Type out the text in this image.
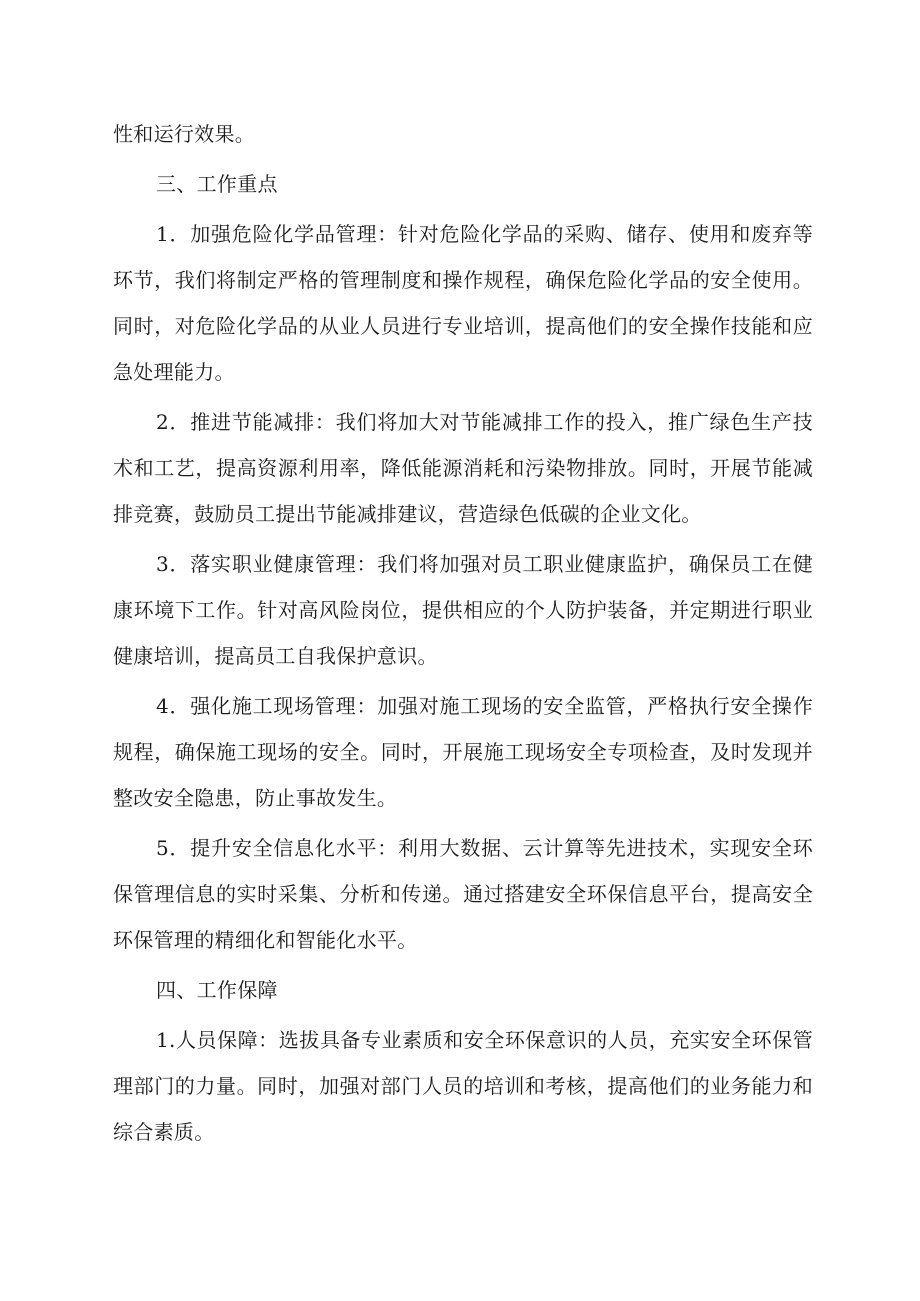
性和运行效果。

三、工作重点

1．加强危险化学品管理：针对危险化学品的采购、储存、使用和废弃等环节，我们将制定严格的管理制度和操作规程，确保危险化学品的安全使用。同时，对危险化学品的从业人员进行专业培训，提高他们的安全操作技能和应急处理能力。

2．推进节能减排：我们将加大对节能减排工作的投入，推广绿色生产技术和工艺，提高资源利用率，降低能源消耗和污染物排放。同时，开展节能减排竞赛，鼓励员工提出节能减排建议，营造绿色低碳的企业文化。

3．落实职业健康管理：我们将加强对员工职业健康监护，确保员工在健康环境下工作。针对高风险岗位，提供相应的个人防护装备，并定期进行职业健康培训，提高员工自我保护意识。

4．强化施工现场管理：加强对施工现场的安全监管，严格执行安全操作规程，确保施工现场的安全。同时，开展施工现场安全专项检查，及时发现并整改安全隐患，防止事故发生。

5．提升安全信息化水平：利用大数据、云计算等先进技术，实现安全环保管理信息的实时采集、分析和传递。通过搭建安全环保信息平台，提高安全环保管理的精细化和智能化水平。

四、工作保障

1.人员保障：选拔具备专业素质和安全环保意识的人员，充实安全环保管理部门的力量。同时，加强对部门人员的培训和考核，提高他们的业务能力和综合素质。
